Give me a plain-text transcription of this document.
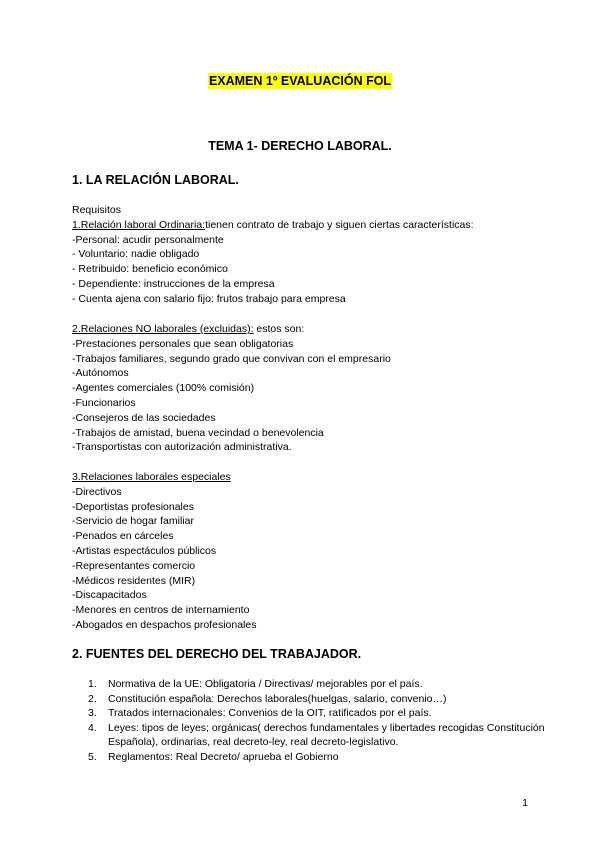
EXAMEN 1º EVALUACIÓN FOL
TEMA 1- DERECHO LABORAL.
1. LA RELACIÓN LABORAL.
Requisitos
1.Relación laboral Ordinaria:tienen contrato de trabajo y siguen ciertas características:
-Personal: acudir personalmente
- Voluntario: nadie obligado
- Retribuido: beneficio económico
- Dependiente: instrucciones de la empresa
- Cuenta ajena con salario fijo: frutos trabajo para empresa
2.Relaciones NO laborales (excluidas): estos son:
-Prestaciones personales que sean obligatorias
-Trabajos familiares, segundo grado que convivan con el empresario
-Autónomos
-Agentes comerciales (100% comisión)
-Funcionarios
-Consejeros de las sociedades
-Trabajos de amistad, buena vecindad o benevolencia
-Transportistas con autorización administrativa.
3.Relaciones laborales especiales
-Directivos
-Deportistas profesionales
-Servicio de hogar familiar
-Penados en cárceles
-Artistas espectáculos públicos
-Representantes comercio
-Médicos residentes (MIR)
-Discapacitados
-Menores en centros de internamiento
-Abogados en despachos profesionales
2. FUENTES DEL DERECHO DEL TRABAJADOR.
1. Normativa de la UE: Obligatoria / Directivas/ mejorables por el país.
2. Constitución española: Derechos laborales(huelgas, salario, convenio…)
3. Tratados internacionales: Convenios de la OIT, ratificados por el país.
4. Leyes: tipos de leyes; orgánicas( derechos fundamentales y libertades recogidas Constitución Española), ordinarias, real decreto-ley, real decreto-legislativo.
5. Reglamentos: Real Decreto/ aprueba el Gobierno
1
